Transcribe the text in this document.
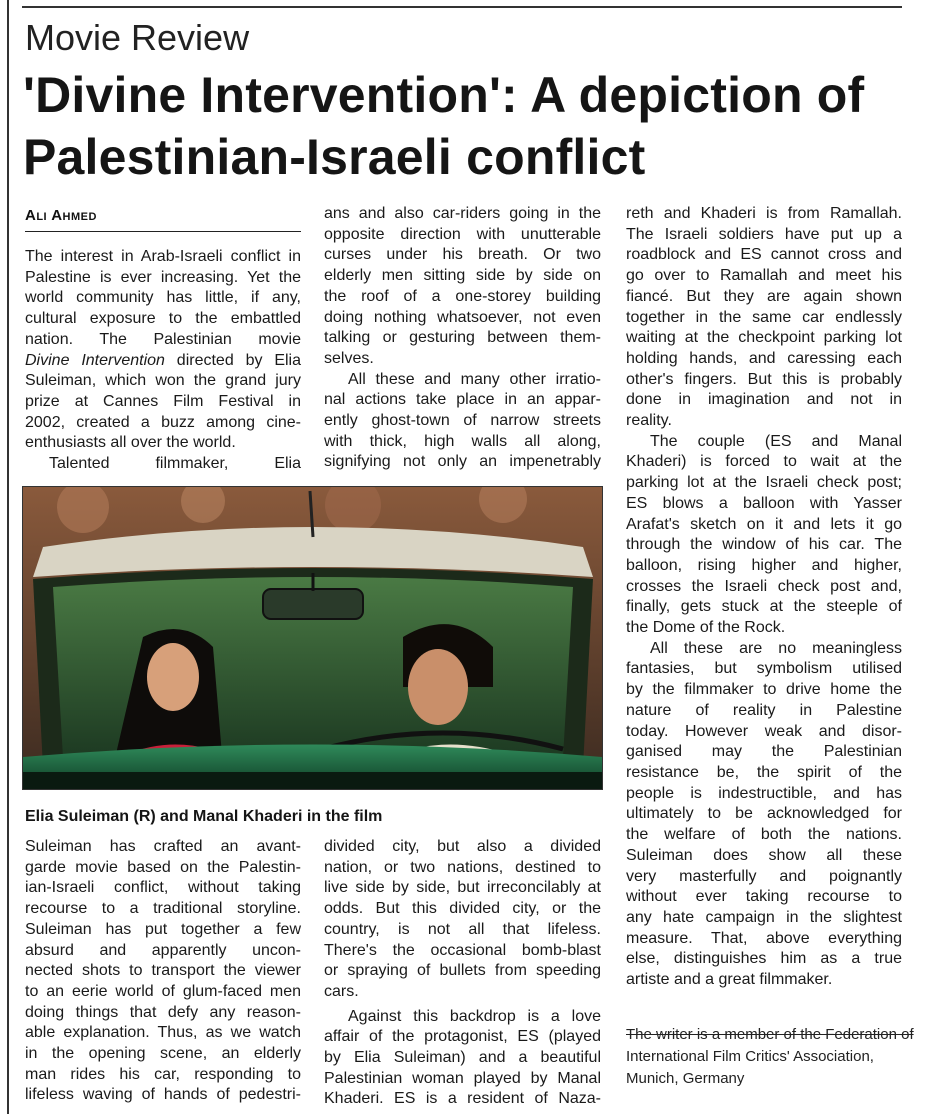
Movie Review
'Divine Intervention': A depiction of
Palestinian-Israeli conflict
Ali Ahmed
The interest in Arab-Israeli conflict in
Palestine is ever increasing. Yet the
world community has little, if any,
cultural exposure to the embattled
nation. The Palestinian movie
Divine Intervention directed by Elia
Suleiman, which won the grand jury
prize at Cannes Film Festival in
2002, created a buzz among cine-
enthusiasts all over the world.
Talented filmmaker, Elia
ans and also car-riders going in the
opposite direction with unutterable
curses under his breath. Or two
elderly men sitting side by side on
the roof of a one-storey building
doing nothing whatsoever, not even
talking or gesturing between them-
selves.
All these and many other irratio-
nal actions take place in an appar-
ently ghost-town of narrow streets
with thick, high walls all along,
signifying not only an impenetrably
reth and Khaderi is from Ramallah.
The Israeli soldiers have put up a
roadblock and ES cannot cross and
go over to Ramallah and meet his
fiancé. But they are again shown
together in the same car endlessly
waiting at the checkpoint parking lot
holding hands, and caressing each
other's fingers. But this is probably
done in imagination and not in
reality.
The couple (ES and Manal
Khaderi) is forced to wait at the
parking lot at the Israeli check post;
ES blows a balloon with Yasser
Arafat's sketch on it and lets it go
through the window of his car. The
balloon, rising higher and higher,
crosses the Israeli check post and,
finally, gets stuck at the steeple of
the Dome of the Rock.
All these are no meaningless
fantasies, but symbolism utilised
by the filmmaker to drive home the
nature of reality in Palestine
today. However weak and disor-
ganised may the Palestinian
resistance be, the spirit of the
people is indestructible, and has
ultimately to be acknowledged for
the welfare of both the nations.
Suleiman does show all these
very masterfully and poignantly
without ever taking recourse to
any hate campaign in the slightest
measure. That, above everything
else, distinguishes him as a true
artiste and a great filmmaker.
Elia Suleiman (R) and Manal Khaderi in the film
Suleiman has crafted an avant-
garde movie based on the Palestin-
ian-Israeli conflict, without taking
recourse to a traditional storyline.
Suleiman has put together a few
absurd and apparently uncon-
nected shots to transport the viewer
to an eerie world of glum-faced men
doing things that defy any reason-
able explanation. Thus, as we watch
in the opening scene, an elderly
man rides his car, responding to
lifeless waving of hands of pedestri-
divided city, but also a divided
nation, or two nations, destined to
live side by side, but irreconcilably at
odds. But this divided city, or the
country, is not all that lifeless.
There's the occasional bomb-blast
or spraying of bullets from speeding
cars.
Against this backdrop is a love
affair of the protagonist, ES (played
by Elia Suleiman) and a beautiful
Palestinian woman played by Manal
Khaderi. ES is a resident of Naza-
The writer is a member of the Federation of
International Film Critics' Association,
Munich, Germany
